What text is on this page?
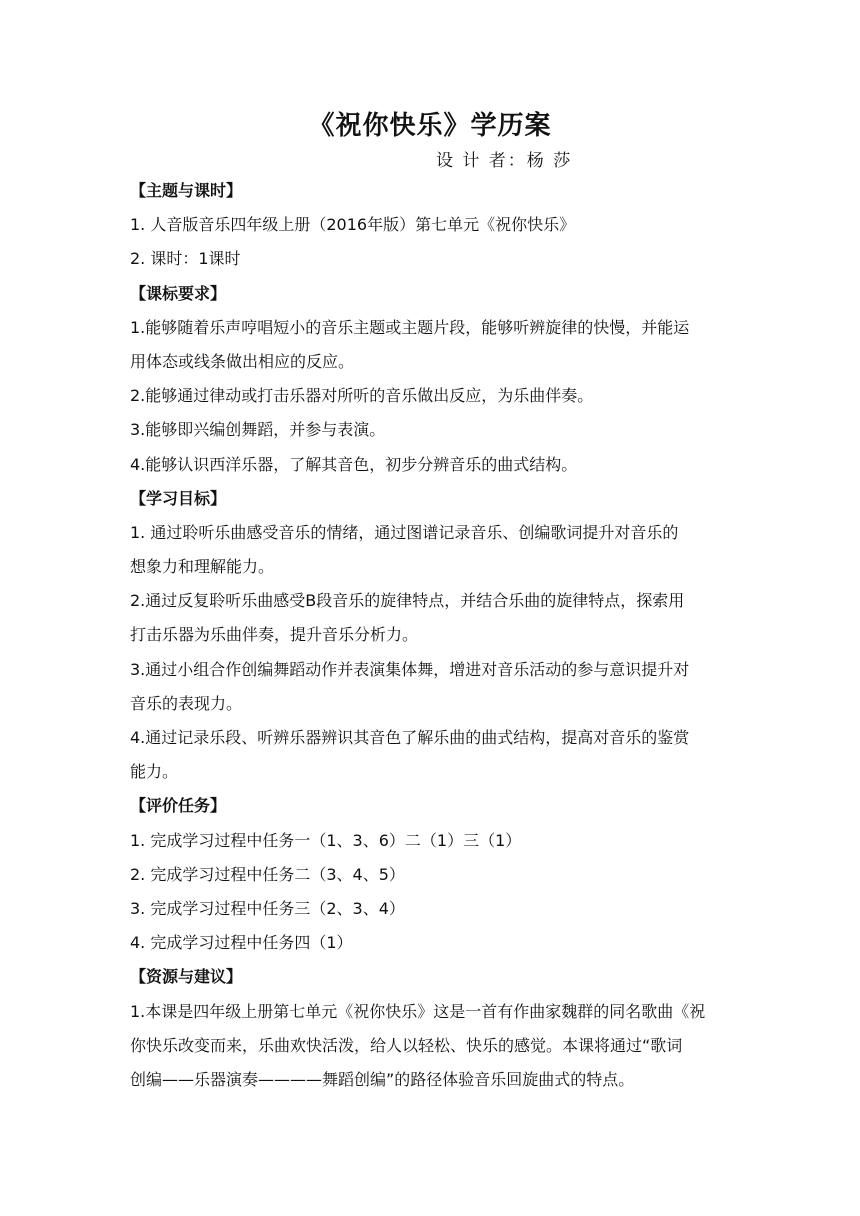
《祝你快乐》学历案
设 计 者：杨 莎
【主题与课时】
1. 人音版音乐四年级上册（2016年版）第七单元《祝你快乐》
2. 课时：1课时
【课标要求】
1.能够随着乐声哼唱短小的音乐主题或主题片段，能够听辨旋律的快慢，并能运
用体态或线条做出相应的反应。
2.能够通过律动或打击乐器对所听的音乐做出反应，为乐曲伴奏。
3.能够即兴编创舞蹈，并参与表演。
4.能够认识西洋乐器，了解其音色，初步分辨音乐的曲式结构。
【学习目标】
1. 通过聆听乐曲感受音乐的情绪，通过图谱记录音乐、创编歌词提升对音乐的
想象力和理解能力。
2.通过反复聆听乐曲感受B段音乐的旋律特点，并结合乐曲的旋律特点，探索用
打击乐器为乐曲伴奏，提升音乐分析力。
3.通过小组合作创编舞蹈动作并表演集体舞，增进对音乐活动的参与意识提升对
音乐的表现力。
4.通过记录乐段、听辨乐器辨识其音色了解乐曲的曲式结构，提高对音乐的鉴赏
能力。
【评价任务】
1. 完成学习过程中任务一（1、3、6）二（1）三（1）
2. 完成学习过程中任务二（3、4、5）
3. 完成学习过程中任务三（2、3、4）
4. 完成学习过程中任务四（1）
【资源与建议】
1.本课是四年级上册第七单元《祝你快乐》这是一首有作曲家魏群的同名歌曲《祝
你快乐改变而来，乐曲欢快活泼，给人以轻松、快乐的感觉。本课将通过“歌词
创编——乐器演奏————舞蹈创编”的路径体验音乐回旋曲式的特点。
